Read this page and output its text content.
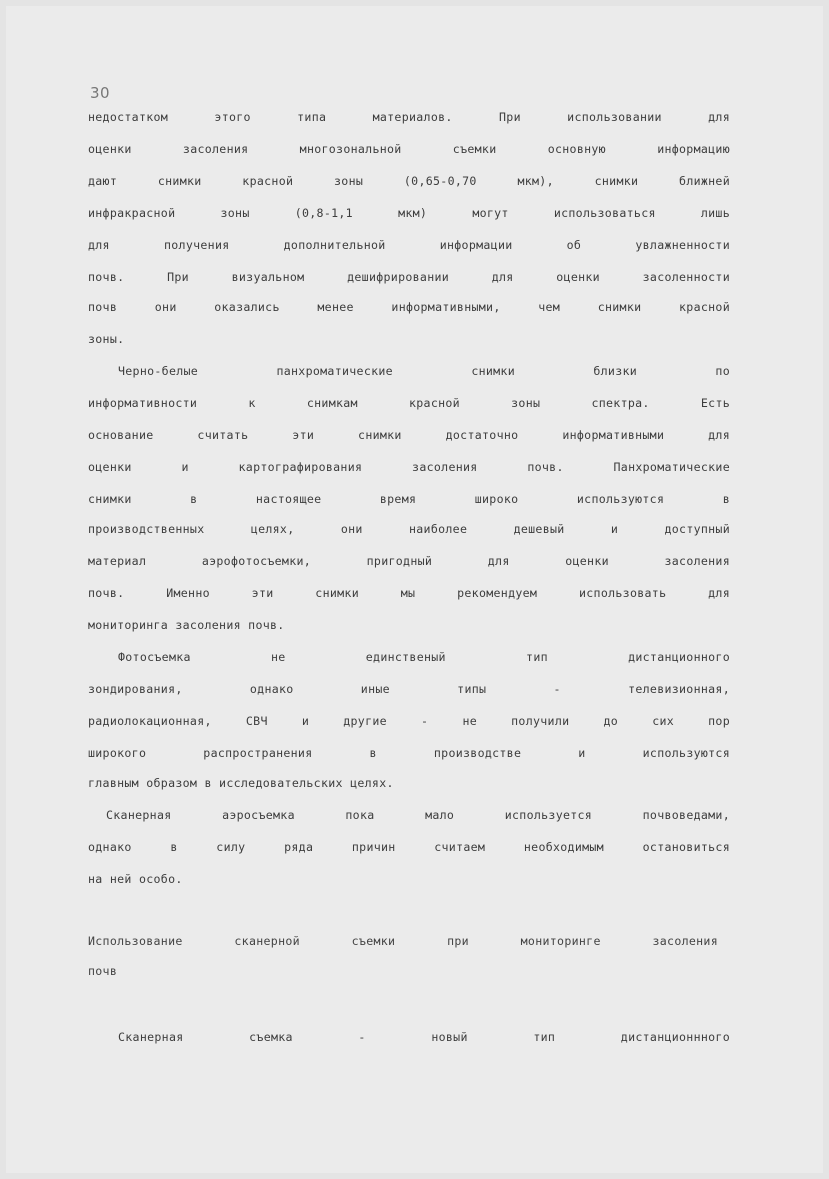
30
недостатком этого типа материалов. При использовании для
оценки засоления многозональной съемки основную информацию
дают снимки красной зоны (0,65-0,70 мкм), снимки ближней
инфракрасной зоны (0,8-1,1 мкм) могут использоваться лишь
для получения дополнительной информации об увлажненности
почв. При визуальном дешифрировании для оценки засоленности
почв они оказались менее информативными, чем снимки красной
зоны.
Черно-белые панхроматические снимки близки по
информативности к снимкам красной зоны спектра. Есть
основание считать эти снимки достаточно информативными для
оценки и картографирования засоления почв. Панхроматические
снимки в настоящее время широко используются в
производственных целях, они наиболее дешевый и доступный
материал аэрофотосъемки, пригодный для оценки засоления
почв. Именно эти снимки мы рекомендуем использовать для
мониторинга засоления почв.
Фотосъемка не единственый тип дистанционного
зондирования, однако иные типы - телевизионная,
радиолокационная, СВЧ и другие - не получили до сих пор
широкого распространения в производстве и используются
главным образом в исследовательских целях.
Сканерная аэросъемка пока мало используется почвоведами,
однако в силу ряда причин считаем необходимым остановиться
на ней особо.
Использование сканерной съемки при мониторинге засоления
почв
Сканерная съемка - новый тип дистанционнного
